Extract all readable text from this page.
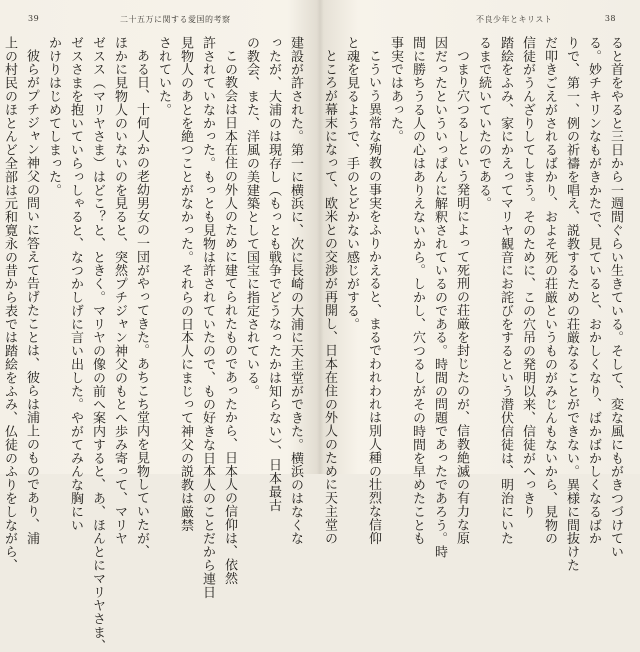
39	二十五万に関する愛国的考察
建設が許された。第一に横浜に、次に長崎の大浦に天主堂ができた。横浜のはなくな
ったが、大浦のは現存し（もっとも戦争でどうなったかは知らない）、日本最古
の教会、また、洋風の美建築として国宝に指定されている。
この教会は日本在住の外人のために建てられたものであったから、日本人の信仰は、依然
許されていなかった。もっとも見物は許されていたので、もの好きな日本人のことだから連日
見物人のあとを絶つことがなかった。それらの日本人にまじって神父の説教は厳禁
されていた。
ある日、十何人かの老幼男女の一団がやってきた。あちこち堂内を見物していたが、
ほかに見物人のいないのを見ると、突然プチジャン神父のもとへ歩み寄って、マリヤ
ゼスス（マリヤさま）はどこ？と、ときく。マリヤの像の前へ案内すると、あ、ほんとにマリヤさま、
ゼスさまを抱いていらっしゃると、なつかしげに言い出した。やがてみんな胸にい
かけりはじめてしまった。
彼らがプチジャン神父の問いに答えて告げたことは、彼らは浦上のものであり、浦
上の村民のほとんど全部は元和寛永の昔から表では踏絵をふみ、仏徒のふりをしながら、
不良少年とキリスト	38
ると首をやると三日から一週間ぐらい生きている。そして、変な風にもがきつづけてい
る。妙チキリンなもがきかたで、見ていると、おかしくなり、ばかばかしくなるばか
りで、第一、例の祈禱を唱え、説教するための荘厳なることができない。異様に間抜けた
だ叩きごえがされるばかり、およそ死の荘厳というものがみじんもないから、見物の
信徒がうんざりしてしまう。そのために、この穴吊の発明以来、信徒がへっきり
踏絵をふみ、家にかえってマリヤ観音にお詫びをするという潜伏信徒は、明治にいた
るまで続いていたのである。
つまり穴つるしという発明によって死刑の荘厳を封じたのが、信教絶滅の有力な原
因だったといういっぱんに解釈されているのである。時間の問題であったであろう。時
間に勝ちうる人の心はありえないから。しかし、穴つるしがその時間を早めたことも
事実ではあった。
こういう異常な殉教の事実をふりかえると、まるでわれわれは別人種の壮烈な信仰
と魂を見るようで、手のとどかない感じがする。
ところが幕末になって、欧米との交渉が再開し、日本在住の外人のために天主堂の
